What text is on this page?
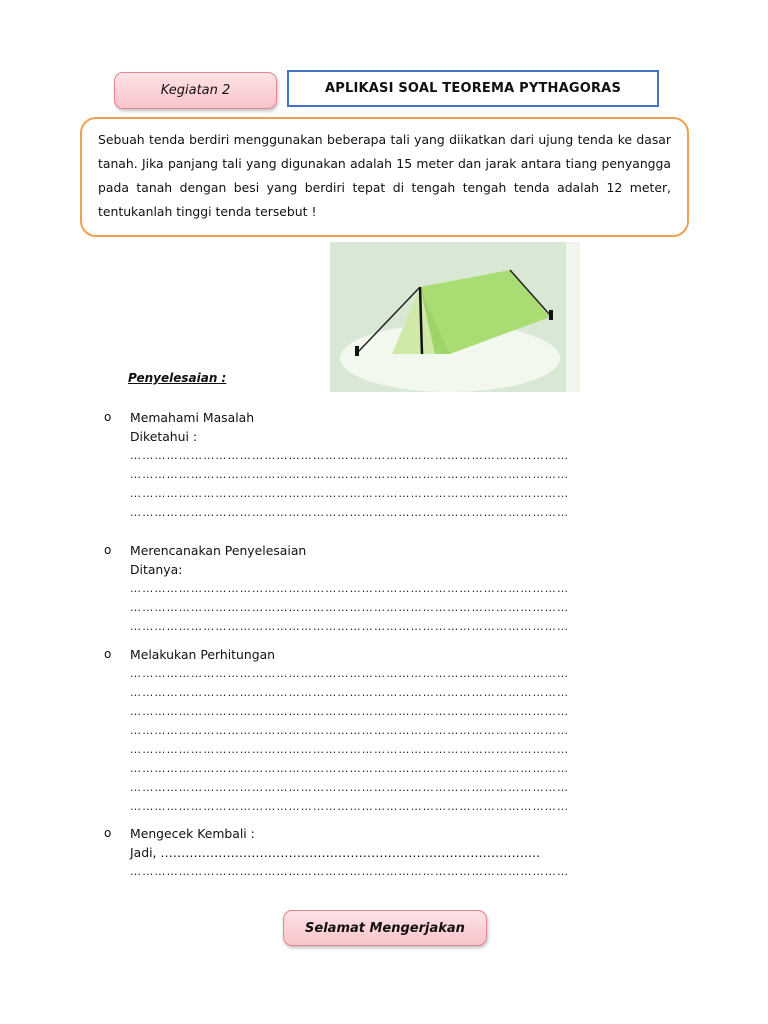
Kegiatan 2	APLIKASI SOAL TEOREMA PYTHAGORAS
Sebuah tenda berdiri menggunakan beberapa tali yang diikatkan dari ujung tenda ke dasar tanah. Jika panjang tali yang digunakan adalah 15 meter dan jarak antara tiang penyangga pada tanah dengan besi yang berdiri tepat di tengah tengah tenda adalah 12 meter, tentukanlah tinggi tenda tersebut !
Penyelesaian :
o	Memahami Masalah
Diketahui :
………………………………………………………………………………………………
………………………………………………………………………………………………
………………………………………………………………………………………………
………………………………………………………………………………………………
o	Merencanakan Penyelesaian
Ditanya:
………………………………………………………………………………………………
………………………………………………………………………………………………
………………………………………………………………………………………………
o	Melakukan Perhitungan
………………………………………………………………………………………………
………………………………………………………………………………………………
………………………………………………………………………………………………
………………………………………………………………………………………………
………………………………………………………………………………………………
………………………………………………………………………………………………
………………………………………………………………………………………………
………………………………………………………………………………………………
o	Mengecek Kembali :
Jadi, ………………………………………………………………………………..
………………………………………………………………………………………………
Selamat Mengerjakan
